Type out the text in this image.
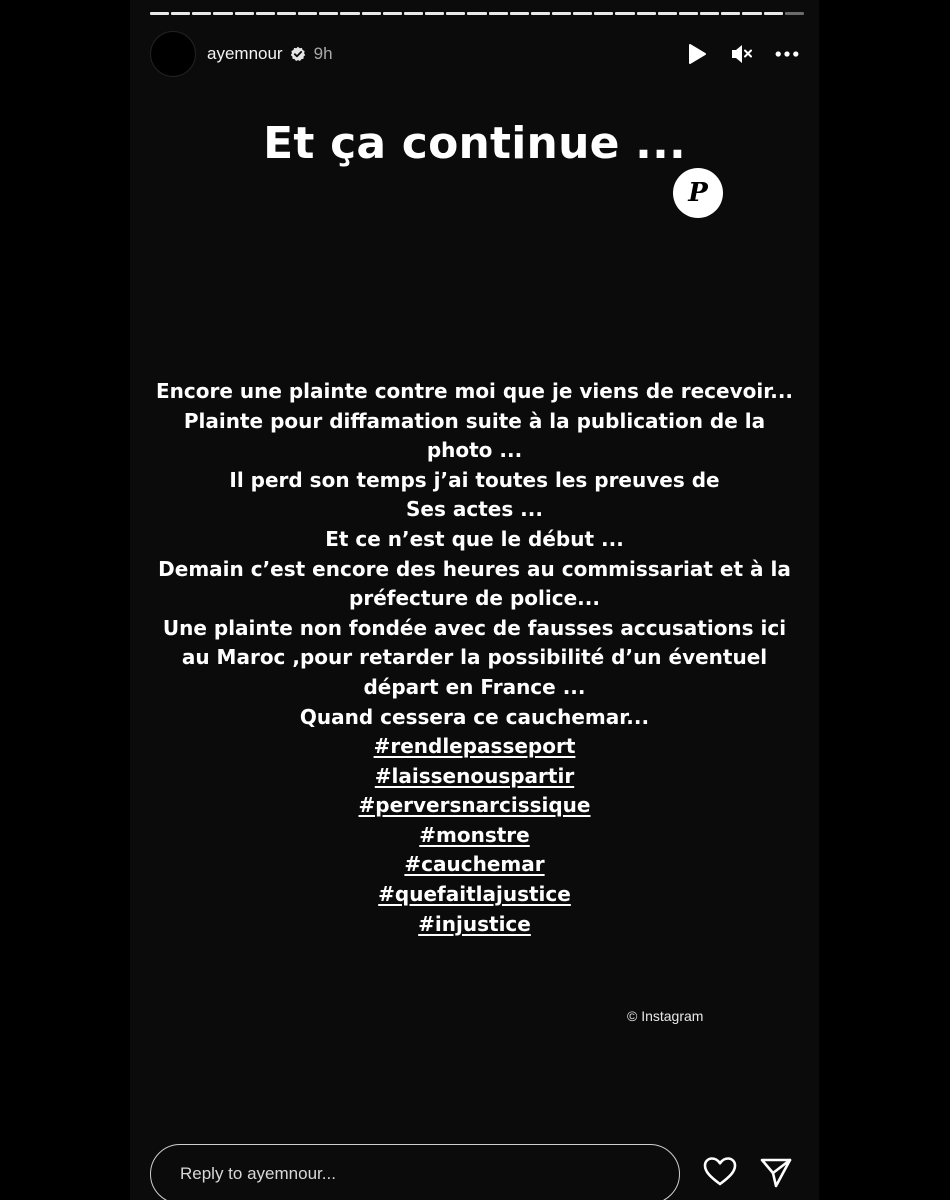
ayemnour 9h
Et ça continue ...
P
Encore une plainte contre moi que je viens de recevoir...
Plainte pour diffamation suite à la publication de la
photo ...
Il perd son temps j’ai toutes les preuves de
Ses actes ...
Et ce n’est que le début ...
Demain c’est encore des heures au commissariat et à la
préfecture de police...
Une plainte non fondée avec de fausses accusations ici
au Maroc ,pour retarder la possibilité d’un éventuel
départ en France ...
Quand cessera ce cauchemar...
#rendlepasseport
#laissenouspartir
#perversnarcissique
#monstre
#cauchemar
#quefaitlajustice
#injustice
© Instagram
Reply to ayemnour...
